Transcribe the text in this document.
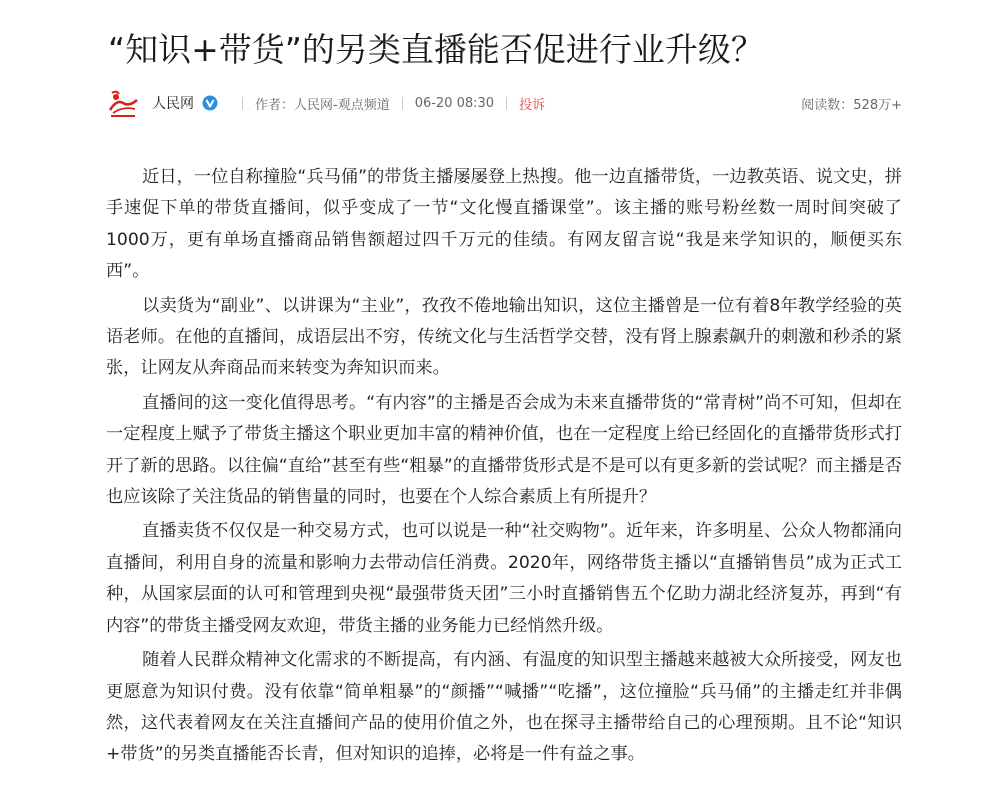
“知识+带货”的另类直播能否促进行业升级？
人民网	作者：人民网-观点频道 06-20 08:30 投诉	阅读数：528万+

近日，一位自称撞脸“兵马俑”的带货主播屡屡登上热搜。他一边直播带货，一边教英语、说文史，拼手速促下单的带货直播间，似乎变成了一节“文化慢直播课堂”。该主播的账号粉丝数一周时间突破了1000万，更有单场直播商品销售额超过四千万元的佳绩。有网友留言说“我是来学知识的，顺便买东西”。

以卖货为“副业”、以讲课为“主业”，孜孜不倦地输出知识，这位主播曾是一位有着8年教学经验的英语老师。在他的直播间，成语层出不穷，传统文化与生活哲学交替，没有肾上腺素飙升的刺激和秒杀的紧张，让网友从奔商品而来转变为奔知识而来。

直播间的这一变化值得思考。“有内容”的主播是否会成为未来直播带货的“常青树”尚不可知，但却在一定程度上赋予了带货主播这个职业更加丰富的精神价值，也在一定程度上给已经固化的直播带货形式打开了新的思路。以往偏“直给”甚至有些“粗暴”的直播带货形式是不是可以有更多新的尝试呢？而主播是否也应该除了关注货品的销售量的同时，也要在个人综合素质上有所提升？

直播卖货不仅仅是一种交易方式，也可以说是一种“社交购物”。近年来，许多明星、公众人物都涌向直播间，利用自身的流量和影响力去带动信任消费。2020年，网络带货主播以“直播销售员”成为正式工种，从国家层面的认可和管理到央视“最强带货天团”三小时直播销售五个亿助力湖北经济复苏，再到“有内容”的带货主播受网友欢迎，带货主播的业务能力已经悄然升级。

随着人民群众精神文化需求的不断提高，有内涵、有温度的知识型主播越来越被大众所接受，网友也更愿意为知识付费。没有依靠“简单粗暴”的“颜播”“喊播”“吃播”，这位撞脸“兵马俑”的主播走红并非偶然，这代表着网友在关注直播间产品的使用价值之外，也在探寻主播带给自己的心理预期。且不论“知识+带货”的另类直播能否长青，但对知识的追捧，必将是一件有益之事。
